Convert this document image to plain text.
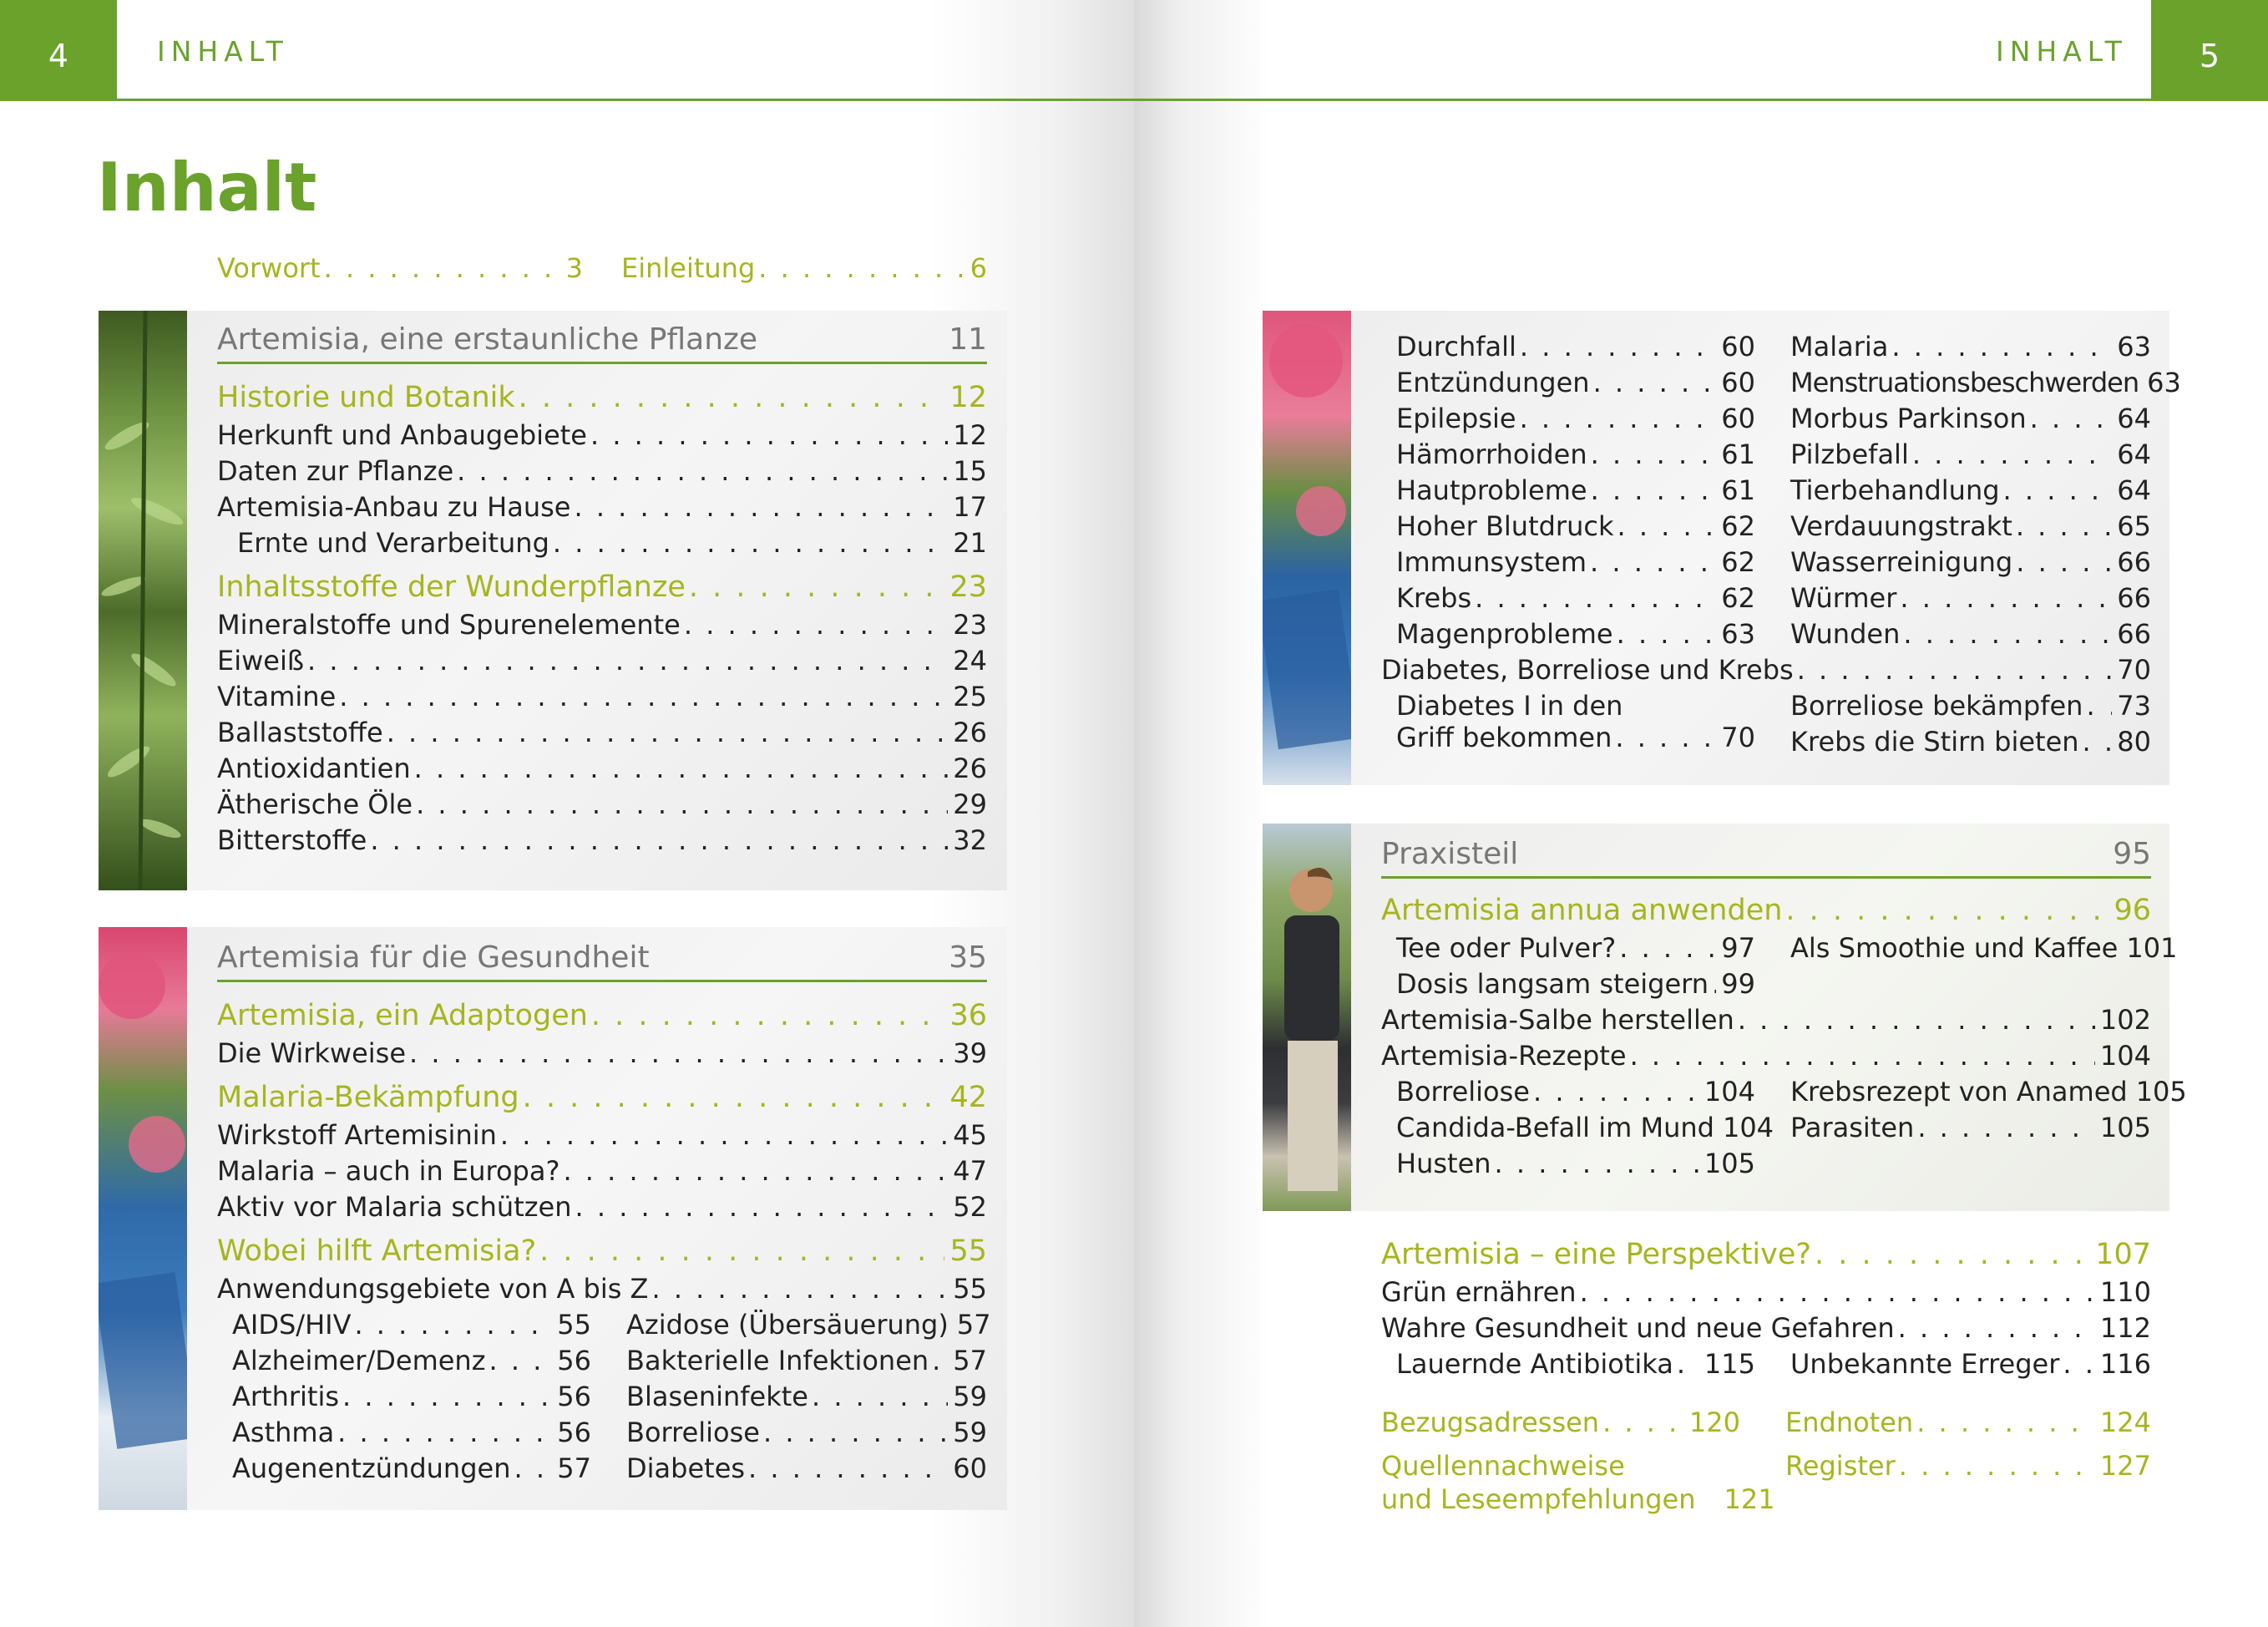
4	INHALT
Inhalt
Vorwort . . .	3 Einleitung . . .	6
Artemisia, eine erstaunliche Pflanze	11
Historie und Botanik . . .	12
Herkunft und Anbaugebiete . . .	12
Daten zur Pflanze . . .	15
Artemisia-Anbau zu Hause . . .	17
Ernte und Verarbeitung . . .	21
Inhaltsstoffe der Wunderpflanze . . .	23
Mineralstoffe und Spurenelemente . . .	23
Eiweiß . . .	24
Vitamine . . .	25
Ballaststoffe . . .	26
Antioxidantien . . .	26
Ätherische Öle . . .	29
Bitterstoffe . . .	32
Artemisia für die Gesundheit	35
Artemisia, ein Adaptogen . . .	36
Die Wirkweise . . .	39
Malaria-Bekämpfung . . .	42
Wirkstoff Artemisinin . . .	45
Malaria – auch in Europa? . . .	47
Aktiv vor Malaria schützen . . .	52
Wobei hilft Artemisia? . . .	55
Anwendungsgebiete von A bis Z . . .	55
AIDS/HIV . . .	55
Alzheimer/Demenz . . .	56
Arthritis . . .	56
Asthma . . .	56
Augenentzündungen . . . 57
Azidose (Übersäuerung) 57
Bakterielle Infektionen . . . 57
Blaseninfekte . . .	59
Borreliose . . .	59
Diabetes . . .	60
INHALT	5
Durchfall . . .	60
Entzündungen . . .	60
Epilepsie . . .	60
Hämorrhoiden . . .	61
Hautprobleme . . .	61
Hoher Blutdruck . . .	62
Immunsystem . . .	62
Krebs . . .	62
Magenprobleme . . .	63
Malaria . . .	63
Menstruationsbeschwerden 63
Morbus Parkinson . . .	64
Pilzbefall . . .	64
Tierbehandlung . . .	64
Verdauungstrakt . . .	65
Wasserreinigung . . .	66
Würmer . . .	66
Wunden . . .	66
Diabetes, Borreliose und Krebs . . .	70
Diabetes I in den
Griff bekommen . . .	70
Borreliose bekämpfen . . . 73
Krebs die Stirn bieten . . . 80
Praxisteil	95
Artemisia annua anwenden . . .	96
Tee oder Pulver? . . .	97 Als Smoothie und Kaffee 101
Dosis langsam steigern . . . 99
Artemisia-Salbe herstellen . . .	102
Artemisia-Rezepte . . .	104
Borreliose . . .	104
Candida-Befall im Mund 104
Husten . . .	105
Krebsrezept von Anamed 105
Parasiten . . .	105
Artemisia – eine Perspektive? . . .	107
Grün ernähren . . .	110
Wahre Gesundheit und neue Gefahren . . .	112
Lauernde Antibiotika . . . 115 Unbekannte Erreger . . . 116
Bezugsadressen . . .	120
Quellennachweise
und Leseempfehlungen	121
Endnoten . . .	124
Register . . .	127
